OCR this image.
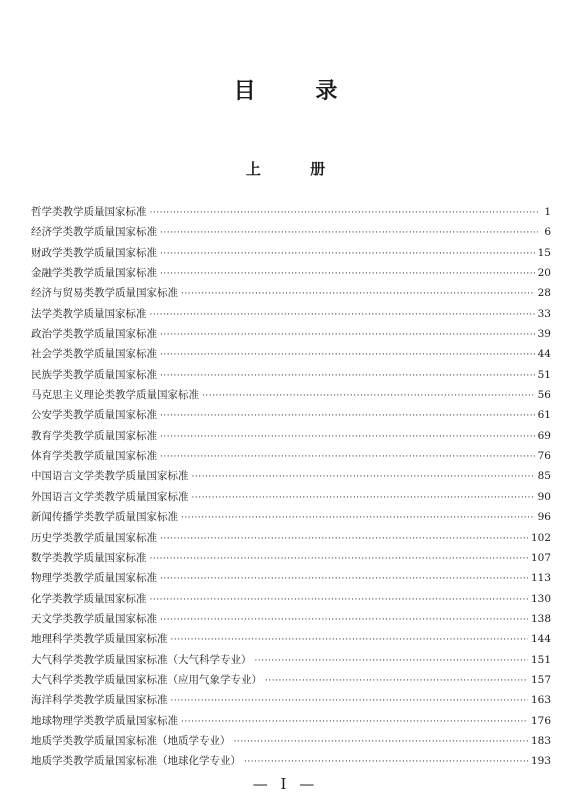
目 录
上 册
哲学类教学质量国家标准 ·····	1
经济学类教学质量国家标准 ·····	6
财政学类教学质量国家标准 ·····	15
金融学类教学质量国家标准 ·····	20
经济与贸易类教学质量国家标准 ·····	28
法学类教学质量国家标准 ·····	33
政治学类教学质量国家标准 ·····	39
社会学类教学质量国家标准 ·····	44
民族学类教学质量国家标准 ·····	51
马克思主义理论类教学质量国家标准 ·····	56
公安学类教学质量国家标准 ·····	61
教育学类教学质量国家标准 ·····	69
体育学类教学质量国家标准 ·····	76
中国语言文学类教学质量国家标准 ·····	85
外国语言文学类教学质量国家标准 ·····	90
新闻传播学类教学质量国家标准 ·····	96
历史学类教学质量国家标准 ·····	102
数学类教学质量国家标准 ·····	107
物理学类教学质量国家标准 ·····	113
化学类教学质量国家标准 ·····	130
天文学类教学质量国家标准 ·····	138
地理科学类教学质量国家标准 ·····	144
大气科学类教学质量国家标准（大气科学专业） ·····	151
大气科学类教学质量国家标准（应用气象学专业） ·····	157
海洋科学类教学质量国家标准 ·····	163
地球物理学类教学质量国家标准 ·····	176
地质学类教学质量国家标准（地质学专业） ·····	183
地质学类教学质量国家标准（地球化学专业） ·····	193
— I —
